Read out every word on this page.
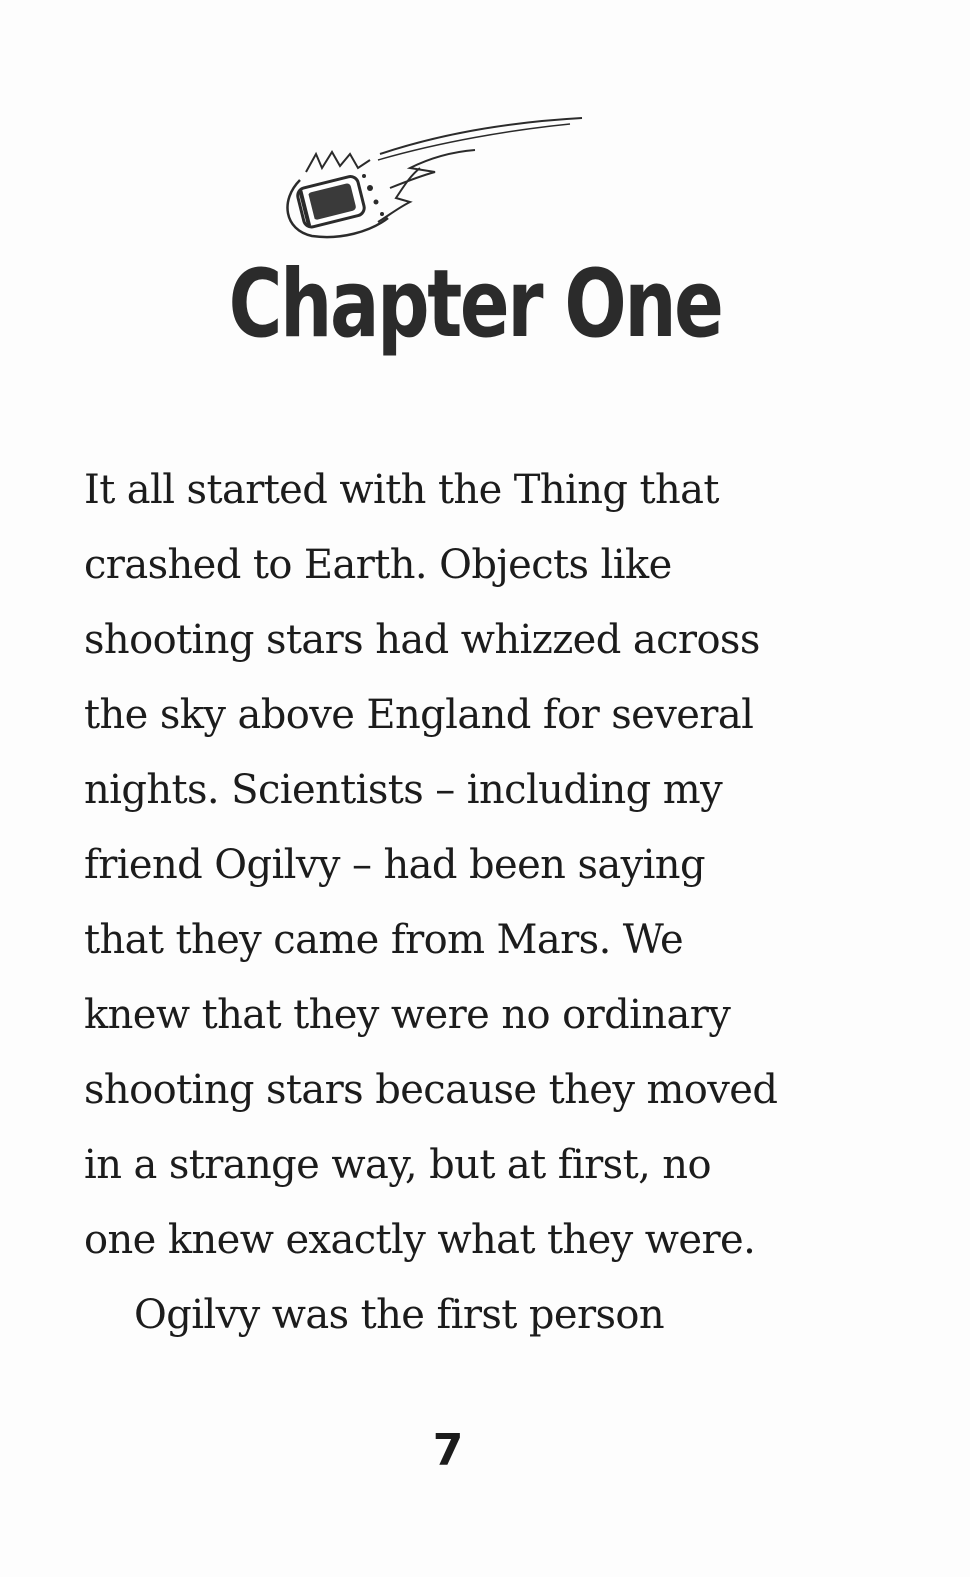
Chapter One
It all started with the Thing that
crashed to Earth. Objects like
shooting stars had whizzed across
the sky above England for several
nights. Scientists – including my
friend Ogilvy – had been saying
that they came from Mars. We
knew that they were no ordinary
shooting stars because they moved
in a strange way, but at first, no
one knew exactly what they were.
Ogilvy was the first person
7
